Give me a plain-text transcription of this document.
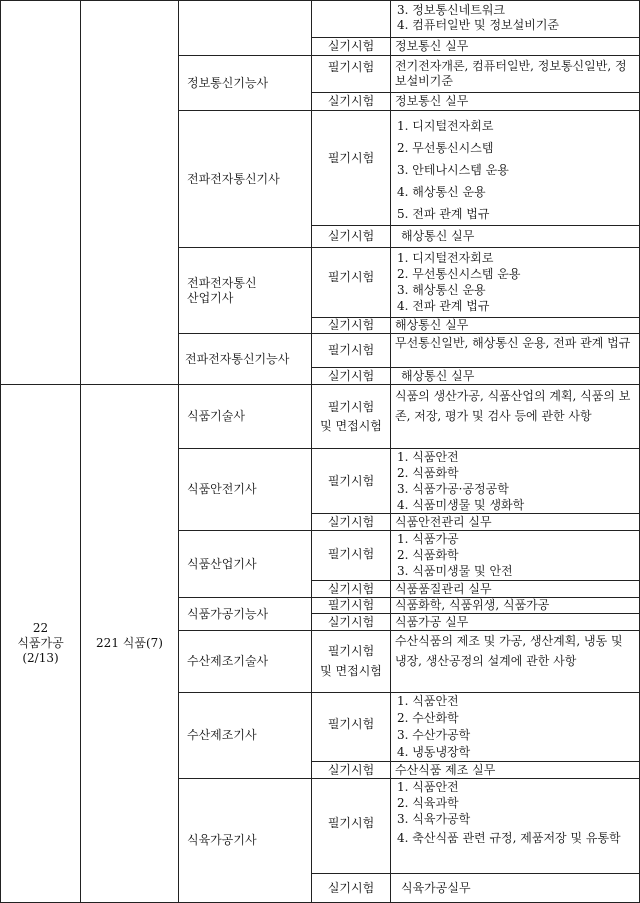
22
식품가공
(2/13)
221 식품(7)
3. 정보통신네트워크
4. 컴퓨터일반 및 정보설비기준
실기시험 정보통신 실무
정보통신기능사
필기시험	전기전자개론, 컴퓨터일반, 정보통신일반, 정보설비기준
실기시험 정보통신 실무
전파전자통신기사
필기시험
1. 디지털전자회로
2. 무선통신시스템
3. 안테나시스템 운용
4. 해상통신 운용
5. 전파 관계 법규
실기시험 해상통신 실무
전파전자통신
산업기사
필기시험
1. 디지털전자회로
2. 무선통신시스템 운용
3. 해상통신 운용
4. 전파 관계 법규
실기시험 해상통신 실무
전파전자통신기능사
필기시험	무선통신일반, 해상통신 운용, 전파 관계 법규
실기시험 해상통신 실무
식품기술사
필기시험
및 면접시험
식품의 생산가공, 식품산업의 계획, 식품의 보존, 저장, 평가 및 검사 등에 관한 사항
식품안전기사
필기시험
1. 식품안전
2. 식품화학
3. 식품가공·공정공학
4. 식품미생물 및 생화학
실기시험 식품안전관리 실무
식품산업기사
필기시험
1. 식품가공
2. 식품화학
3. 식품미생물 및 안전
실기시험 식품품질관리 실무
식품가공기능사
필기시험 식품화학, 식품위생, 식품가공
실기시험 식품가공 실무
수산제조기술사
필기시험
및 면접시험
수산식품의 제조 및 가공, 생산계획, 냉동 및 냉장, 생산공정의 설계에 관한 사항
수산제조기사
필기시험
1. 식품안전
2. 수산화학
3. 수산가공학
4. 냉동냉장학
실기시험 수산식품 제조 실무
식육가공기사
필기시험
1. 식품안전
2. 식육과학
3. 식육가공학
4. 축산식품 관련 규정, 제품저장 및 유통학
실기시험 식육가공실무
